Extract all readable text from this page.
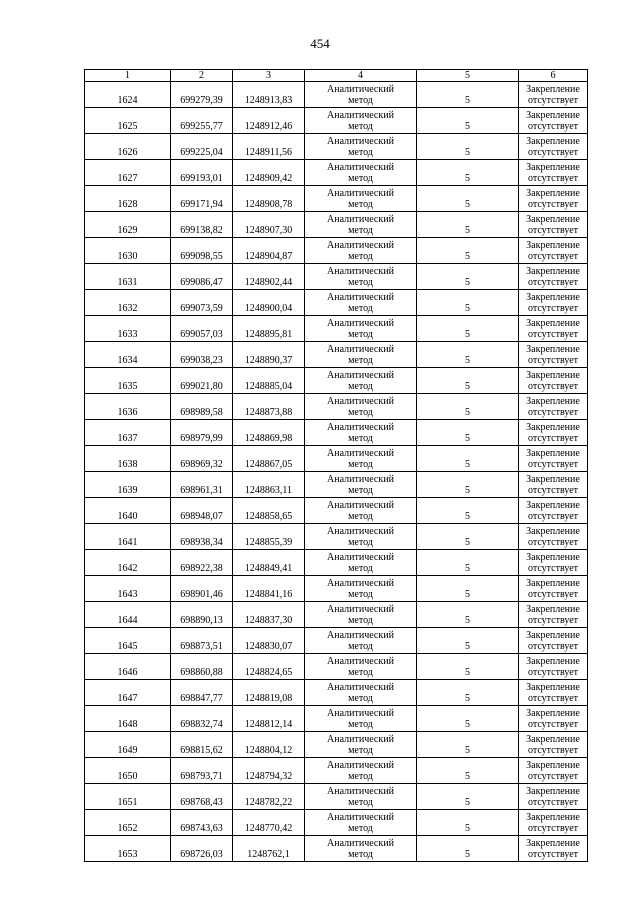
454
1	2	3	4	5	6
1624	699279,39	1248913,83	Аналитический
метод	5	Закрепление
отсутствует

1625	699255,77	1248912,46	Аналитический
метод	5	Закрепление
отсутствует

1626	699225,04	1248911,56	Аналитический
метод	5	Закрепление
отсутствует

1627	699193,01	1248909,42	Аналитический
метод	5	Закрепление
отсутствует

1628	699171,94	1248908,78	Аналитический
метод	5	Закрепление
отсутствует

1629	699138,82	1248907,30	Аналитический
метод	5	Закрепление
отсутствует

1630	699098,55	1248904,87	Аналитический
метод	5	Закрепление
отсутствует

1631	699086,47	1248902,44	Аналитический
метод	5	Закрепление
отсутствует

1632	699073,59	1248900,04	Аналитический
метод	5	Закрепление
отсутствует

1633	699057,03	1248895,81	Аналитический
метод	5	Закрепление
отсутствует

1634	699038,23	1248890,37	Аналитический
метод	5	Закрепление
отсутствует

1635	699021,80	1248885,04	Аналитический
метод	5	Закрепление
отсутствует

1636	698989,58	1248873,88	Аналитический
метод	5	Закрепление
отсутствует

1637	698979,99	1248869,98	Аналитический
метод	5	Закрепление
отсутствует

1638	698969,32	1248867,05	Аналитический
метод	5	Закрепление
отсутствует

1639	698961,31	1248863,11	Аналитический
метод	5	Закрепление
отсутствует

1640	698948,07	1248858,65	Аналитический
метод	5	Закрепление
отсутствует

1641	698938,34	1248855,39	Аналитический
метод	5	Закрепление
отсутствует

1642	698922,38	1248849,41	Аналитический
метод	5	Закрепление
отсутствует

1643	698901,46	1248841,16	Аналитический
метод	5	Закрепление
отсутствует

1644	698890,13	1248837,30	Аналитический
метод	5	Закрепление
отсутствует

1645	698873,51	1248830,07	Аналитический
метод	5	Закрепление
отсутствует

1646	698860,88	1248824,65	Аналитический
метод	5	Закрепление
отсутствует

1647	698847,77	1248819,08	Аналитический
метод	5	Закрепление
отсутствует

1648	698832,74	1248812,14	Аналитический
метод	5	Закрепление
отсутствует

1649	698815,62	1248804,12	Аналитический
метод	5	Закрепление
отсутствует

1650	698793,71	1248794,32	Аналитический
метод	5	Закрепление
отсутствует

1651	698768,43	1248782,22	Аналитический
метод	5	Закрепление
отсутствует

1652	698743,63	1248770,42	Аналитический
метод	5	Закрепление
отсутствует

1653	698726,03	1248762,1	Аналитический
метод	5	Закрепление
отсутствует
